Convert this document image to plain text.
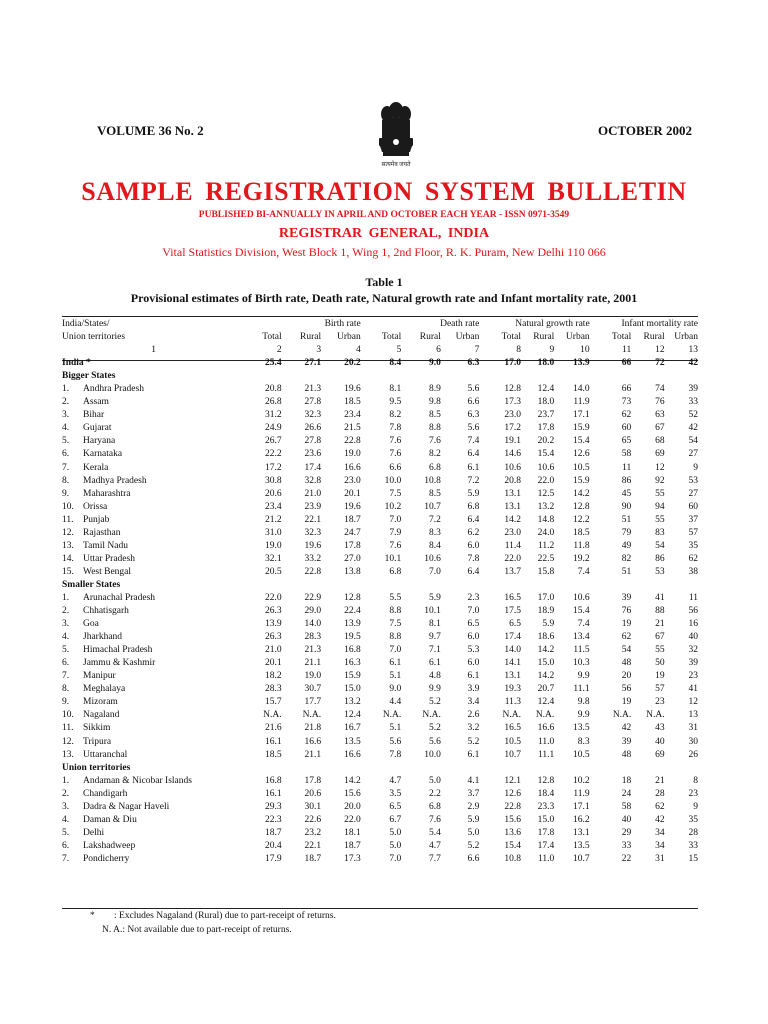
VOLUME 36 No. 2	OCTOBER 2002
सत्यमेव जयते
SAMPLE REGISTRATION SYSTEM BULLETIN
PUBLISHED BI-ANNUALLY IN APRIL AND OCTOBER EACH YEAR - ISSN 0971-3549
REGISTRAR GENERAL, INDIA
Vital Statistics Division, West Block 1, Wing 1, 2nd Floor, R. K. Puram, New Delhi 110 066
Table 1
Provisional estimates of Birth rate, Death rate, Natural growth rate and Infant mortality rate, 2001
India/States/	Birth rate			Death rate			Natural growth rate			Infant mortality rate		
Union territories	Total	Rural	Urban	Total	Rural	Urban	Total	Rural	Urban	Total	Rural	Urban
1	2	3	4	5	6	7	8	9	10	11	12	13
India *	25.4	27.1	20.2	8.4	9.0	6.3	17.0	18.0	13.9	66	72	42
Bigger States												
1. Andhra Pradesh	20.8	21.3	19.6	8.1	8.9	5.6	12.8	12.4	14.0	66	74	39
2. Assam	26.8	27.8	18.5	9.5	9.8	6.6	17.3	18.0	11.9	73	76	33
3. Bihar	31.2	32.3	23.4	8.2	8.5	6.3	23.0	23.7	17.1	62	63	52
4. Gujarat	24.9	26.6	21.5	7.8	8.8	5.6	17.2	17.8	15.9	60	67	42
5. Haryana	26.7	27.8	22.8	7.6	7.6	7.4	19.1	20.2	15.4	65	68	54
6. Karnataka	22.2	23.6	19.0	7.6	8.2	6.4	14.6	15.4	12.6	58	69	27
7. Kerala	17.2	17.4	16.6	6.6	6.8	6.1	10.6	10.6	10.5	11	12	9
8. Madhya Pradesh	30.8	32.8	23.0	10.0	10.8	7.2	20.8	22.0	15.9	86	92	53
9. Maharashtra	20.6	21.0	20.1	7.5	8.5	5.9	13.1	12.5	14.2	45	55	27
10. Orissa	23.4	23.9	19.6	10.2	10.7	6.8	13.1	13.2	12.8	90	94	60
11. Punjab	21.2	22.1	18.7	7.0	7.2	6.4	14.2	14.8	12.2	51	55	37
12. Rajasthan	31.0	32.3	24.7	7.9	8.3	6.2	23.0	24.0	18.5	79	83	57
13. Tamil Nadu	19.0	19.6	17.8	7.6	8.4	6.0	11.4	11.2	11.8	49	54	35
14. Uttar Pradesh	32.1	33.2	27.0	10.1	10.6	7.8	22.0	22.5	19.2	82	86	62
15. West Bengal	20.5	22.8	13.8	6.8	7.0	6.4	13.7	15.8	7.4	51	53	38
Smaller States												
1. Arunachal Pradesh	22.0	22.9	12.8	5.5	5.9	2.3	16.5	17.0	10.6	39	41	11
2. Chhatisgarh	26.3	29.0	22.4	8.8	10.1	7.0	17.5	18.9	15.4	76	88	56
3. Goa	13.9	14.0	13.9	7.5	8.1	6.5	6.5	5.9	7.4	19	21	16
4. Jharkhand	26.3	28.3	19.5	8.8	9.7	6.0	17.4	18.6	13.4	62	67	40
5. Himachal Pradesh	21.0	21.3	16.8	7.0	7.1	5.3	14.0	14.2	11.5	54	55	32
6. Jammu & Kashmir	20.1	21.1	16.3	6.1	6.1	6.0	14.1	15.0	10.3	48	50	39
7. Manipur	18.2	19.0	15.9	5.1	4.8	6.1	13.1	14.2	9.9	20	19	23
8. Meghalaya	28.3	30.7	15.0	9.0	9.9	3.9	19.3	20.7	11.1	56	57	41
9. Mizoram	15.7	17.7	13.2	4.4	5.2	3.4	11.3	12.4	9.8	19	23	12
10. Nagaland	N.A.	N.A.	12.4	N.A.	N.A.	2.6	N.A.	N.A.	9.9	N.A.	N.A.	13
11. Sikkim	21.6	21.8	16.7	5.1	5.2	3.2	16.5	16.6	13.5	42	43	31
12. Tripura	16.1	16.6	13.5	5.6	5.6	5.2	10.5	11.0	8.3	39	40	30
13. Uttaranchal	18.5	21.1	16.6	7.8	10.0	6.1	10.7	11.1	10.5	48	69	26
Union territories												
1. Andaman & Nicobar Islands	16.8	17.8	14.2	4.7	5.0	4.1	12.1	12.8	10.2	18	21	8
2. Chandigarh	16.1	20.6	15.6	3.5	2.2	3.7	12.6	18.4	11.9	24	28	23
3. Dadra & Nagar Haveli	29.3	30.1	20.0	6.5	6.8	2.9	22.8	23.3	17.1	58	62	9
4. Daman & Diu	22.3	22.6	22.0	6.7	7.6	5.9	15.6	15.0	16.2	40	42	35
5. Delhi	18.7	23.2	18.1	5.0	5.4	5.0	13.6	17.8	13.1	29	34	28
6. Lakshadweep	20.4	22.1	18.7	5.0	4.7	5.2	15.4	17.4	13.5	33	34	33
7. Pondicherry	17.9	18.7	17.3	7.0	7.7	6.6	10.8	11.0	10.7	22	31	15
* : Excludes Nagaland (Rural) due to part-receipt of returns.
N. A.: Not available due to part-receipt of returns.
